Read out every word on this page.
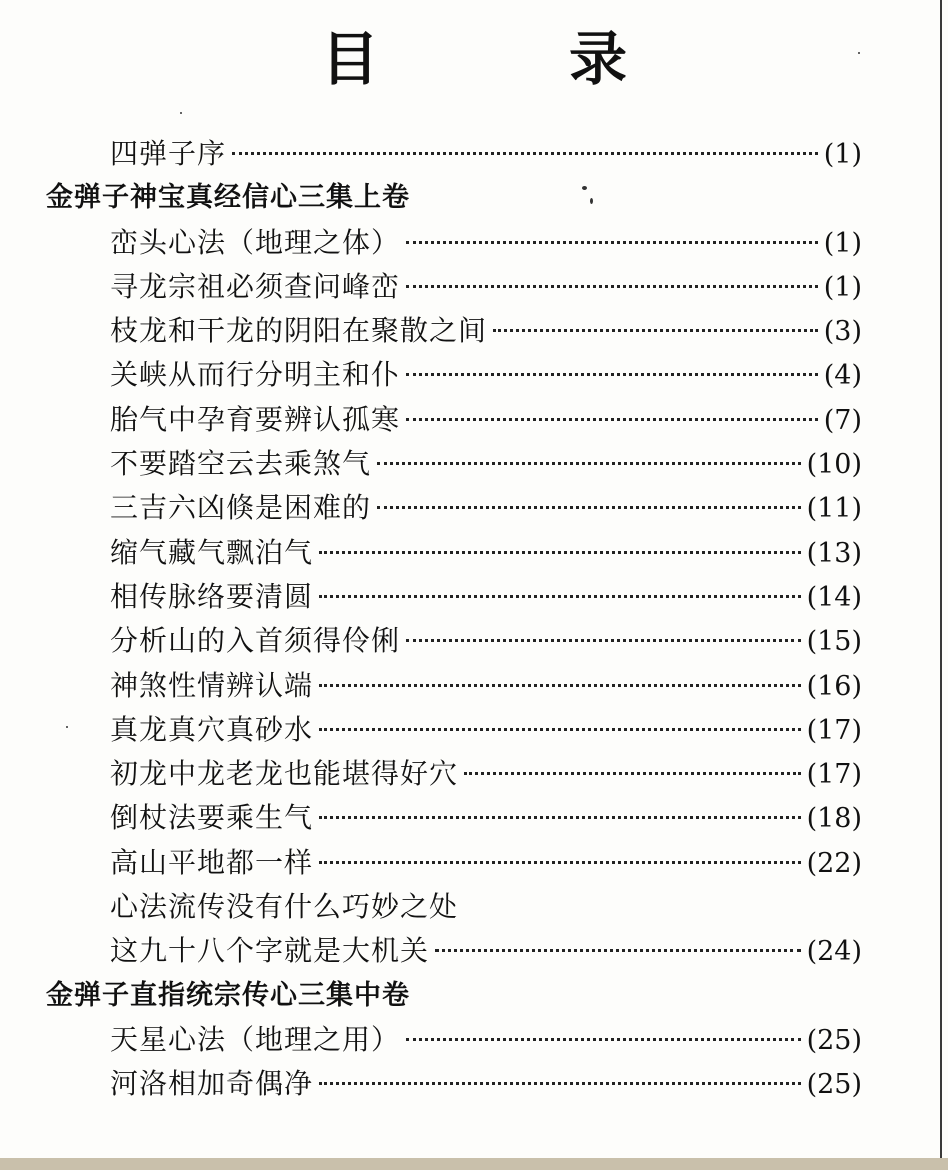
目　录
四弹子序	(1)
金弹子神宝真经信心三集上卷
峦头心法（地理之体）	(1)
寻龙宗祖必须查问峰峦	(1)
枝龙和干龙的阴阳在聚散之间	(3)
关峡从而行分明主和仆	(4)
胎气中孕育要辨认孤寒	(7)
不要踏空云去乘煞气	(10)
三吉六凶倏是困难的	(11)
缩气藏气飘泊气	(13)
相传脉络要清圆	(14)
分析山的入首须得伶俐	(15)
神煞性情辨认端	(16)
真龙真穴真砂水	(17)
初龙中龙老龙也能堪得好穴	(17)
倒杖法要乘生气	(18)
高山平地都一样	(22)
心法流传没有什么巧妙之处
这九十八个字就是大机关	(24)
金弹子直指统宗传心三集中卷
天星心法（地理之用）	(25)
河洛相加奇偶净	(25)
